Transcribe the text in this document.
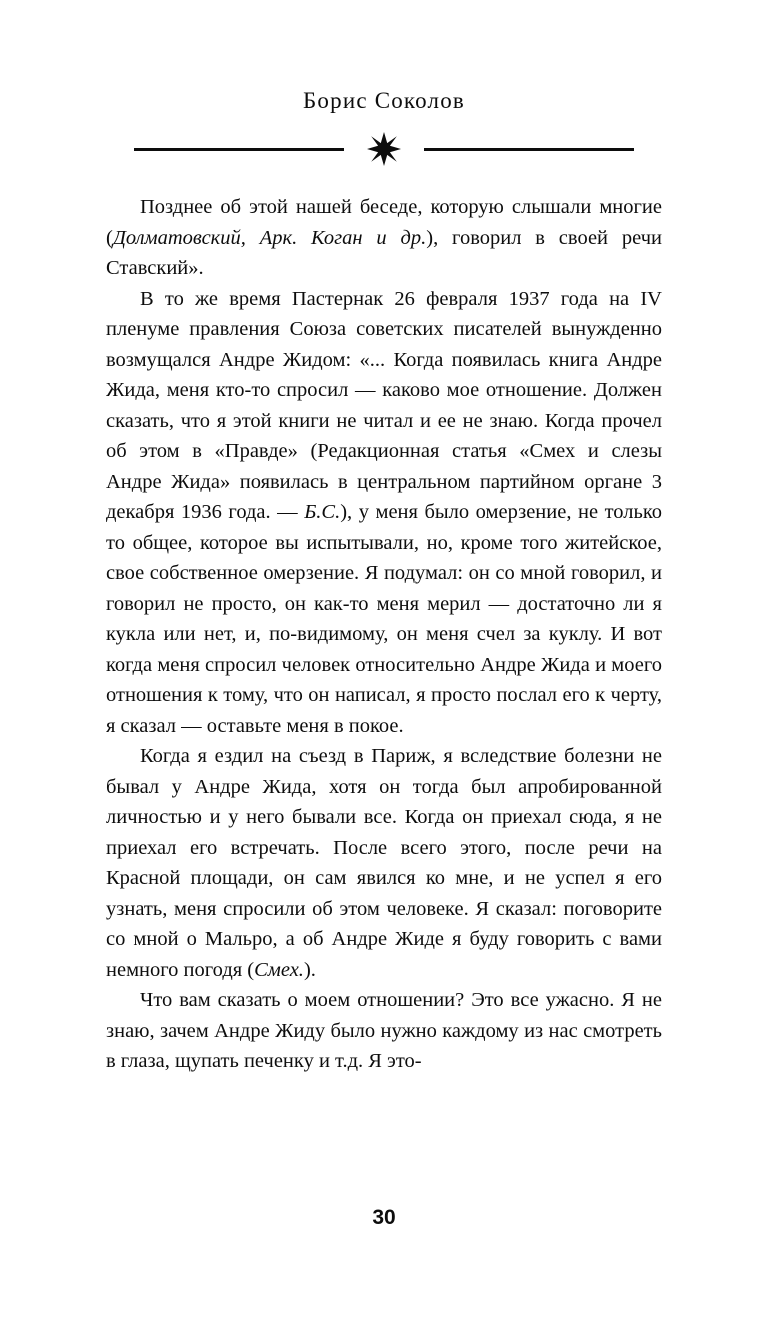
Борис Соколов

Позднее об этой нашей беседе, которую слышали многие (Долматовский, Арк. Коган и др.), говорил в своей речи Ставский».

В то же время Пастернак 26 февраля 1937 года на IV пленуме правления Союза советских писателей вынужденно возмущался Андре Жидом: «... Когда появилась книга Андре Жида, меня кто-то спросил — каково мое отношение. Должен сказать, что я этой книги не читал и ее не знаю. Когда прочел об этом в «Правде» (Редакционная статья «Смех и слезы Андре Жида» появилась в центральном партийном органе 3 декабря 1936 года. — Б.С.), у меня было омерзение, не только то общее, которое вы испытывали, но, кроме того житейское, свое собственное омерзение. Я подумал: он со мной говорил, и говорил не просто, он как-то меня мерил — достаточно ли я кукла или нет, и, по-видимому, он меня счел за куклу. И вот когда меня спросил человек относительно Андре Жида и моего отношения к тому, что он написал, я просто послал его к черту, я сказал — оставьте меня в покое.

Когда я ездил на съезд в Париж, я вследствие болезни не бывал у Андре Жида, хотя он тогда был апробированной личностью и у него бывали все. Когда он приехал сюда, я не приехал его встречать. После всего этого, после речи на Красной площади, он сам явился ко мне, и не успел я его узнать, меня спросили об этом человеке. Я сказал: поговорите со мной о Мальро, а об Андре Жиде я буду говорить с вами немного погодя (Смех.).

Что вам сказать о моем отношении? Это все ужасно. Я не знаю, зачем Андре Жиду было нужно каждому из нас смотреть в глаза, щупать печенку и т.д. Я это-

30
